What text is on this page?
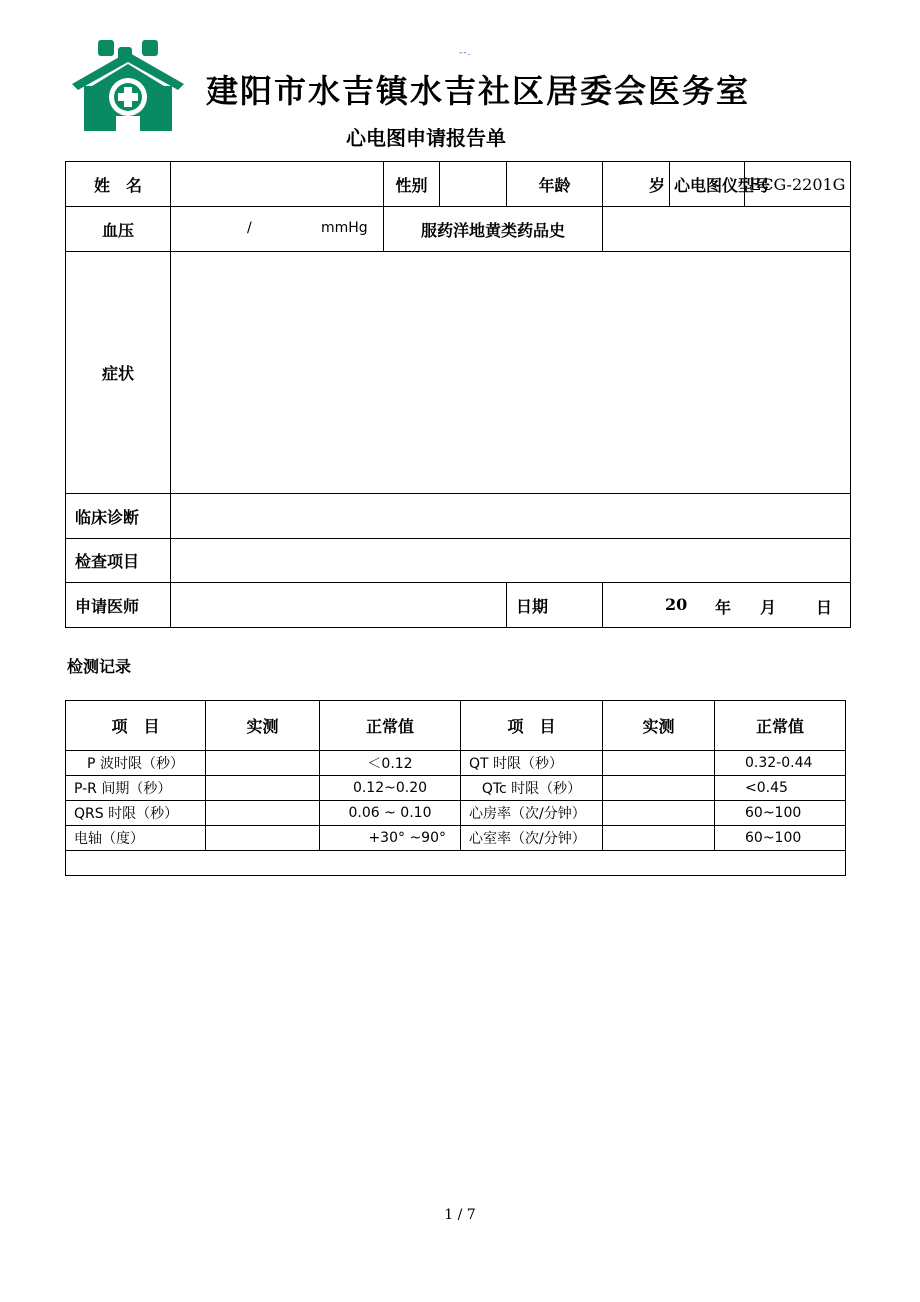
--.
建阳市水吉镇水吉社区居委会医务室
心电图申请报告单
姓　名		性别		年龄	岁	心电图仪型号	ECG-2201G
血压	/ mmHg	服药洋地黄类药品史					
症状							
临床诊断							
检查项目							
申请医师				日期	20 年 月 日		
检测记录
项　目	实测	正常值	项　目	实测	正常值
P 波时限（秒）		＜0.12	QT 时限（秒）		0.32-0.44
P-R 间期（秒）		0.12~0.20	QTc 时限（秒）		<0.45
QRS 时限（秒）		0.06 ~ 0.10	心房率（次/分钟）		60~100
电轴（度）		+30° ~90°	心室率（次/分钟）		60~100

1 / 7
